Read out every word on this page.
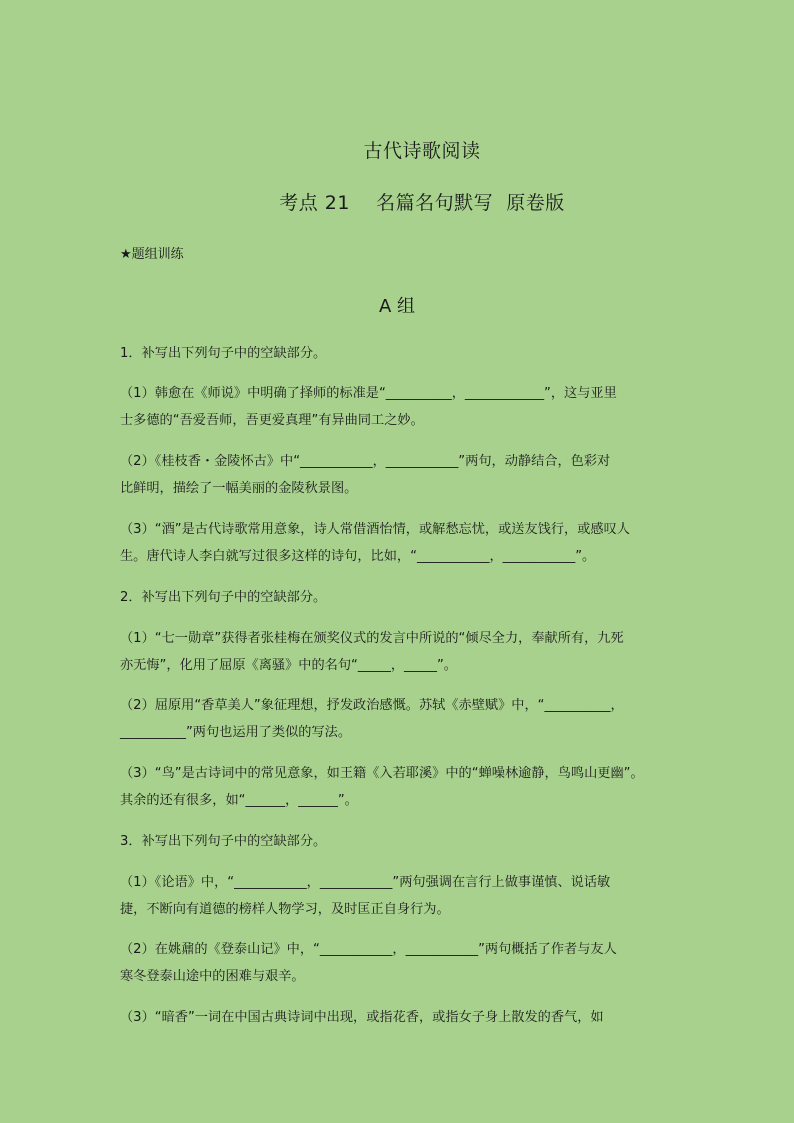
古代诗歌阅读
考点 21    名篇名句默写  原卷版
★题组训练
A 组
1．补写出下列句子中的空缺部分。
（1）韩愈在《师说》中明确了择师的标准是“__________，____________”，这与亚里
士多德的“吾爱吾师，吾更爱真理”有异曲同工之妙。
（2）《桂枝香・金陵怀古》中“___________，___________”两句，动静结合，色彩对
比鲜明，描绘了一幅美丽的金陵秋景图。
（3）“酒”是古代诗歌常用意象，诗人常借酒怡情，或解愁忘忧，或送友饯行，或感叹人
生。唐代诗人李白就写过很多这样的诗句，比如，“___________，___________”。
2．补写出下列句子中的空缺部分。
（1）“七一勋章”获得者张桂梅在颁奖仪式的发言中所说的“倾尽全力，奉献所有，九死
亦无悔”，化用了屈原《离骚》中的名句“_____，_____”。
（2）屈原用“香草美人”象征理想，抒发政治感慨。苏轼《赤壁赋》中，“__________，
__________”两句也运用了类似的写法。
（3）“鸟”是古诗词中的常见意象，如王籍《入若耶溪》中的“蝉噪林逾静，鸟鸣山更幽”。
其余的还有很多，如“______，______”。
3．补写出下列句子中的空缺部分。
（1）《论语》中，“___________，___________”两句强调在言行上做事谨慎、说话敏
捷，不断向有道德的榜样人物学习，及时匡正自身行为。
（2）在姚鼐的《登泰山记》中，“___________，___________”两句概括了作者与友人
寒冬登泰山途中的困难与艰辛。
（3）“暗香”一词在中国古典诗词中出现，或指花香，或指女子身上散发的香气，如
